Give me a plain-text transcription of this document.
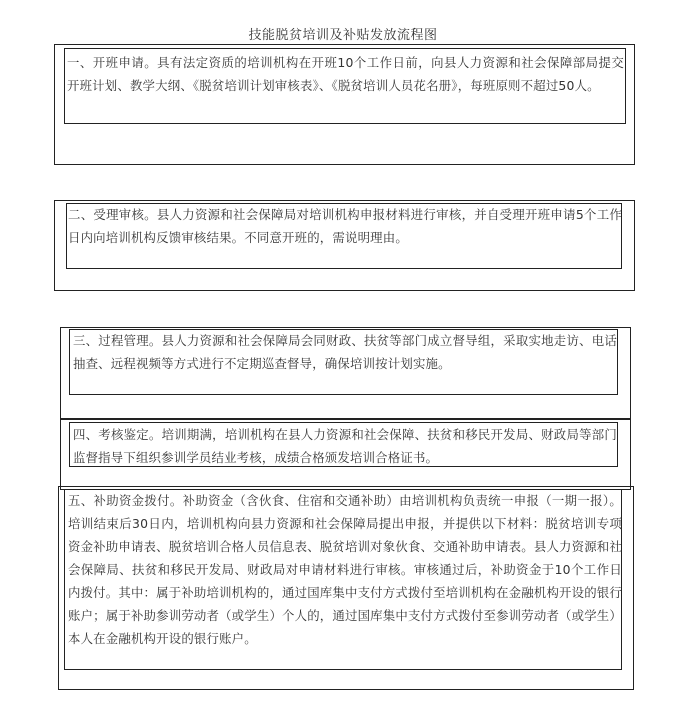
技能脱贫培训及补贴发放流程图
一、开班申请。具有法定资质的培训机构在开班10个工作日前，向县人力资源和社会保障部局提交开班计划、教学大纲、《脱贫培训计划审核表》、《脱贫培训人员花名册》，每班原则不超过50人。
二、受理审核。县人力资源和社会保障局对培训机构申报材料进行审核，并自受理开班申请5个工作日内向培训机构反馈审核结果。不同意开班的，需说明理由。
三、过程管理。县人力资源和社会保障局会同财政、扶贫等部门成立督导组，采取实地走访、电话抽查、远程视频等方式进行不定期巡查督导，确保培训按计划实施。
四、考核鉴定。培训期满，培训机构在县人力资源和社会保障、扶贫和移民开发局、财政局等部门监督指导下组织参训学员结业考核，成绩合格颁发培训合格证书。
五、补助资金拨付。补助资金（含伙食、住宿和交通补助）由培训机构负责统一申报（一期一报）。培训结束后30日内，培训机构向县力资源和社会保障局提出申报，并提供以下材料：脱贫培训专项资金补助申请表、脱贫培训合格人员信息表、脱贫培训对象伙食、交通补助申请表。县人力资源和社会保障局、扶贫和移民开发局、财政局对申请材料进行审核。审核通过后，补助资金于10个工作日内拨付。其中：属于补助培训机构的，通过国库集中支付方式拨付至培训机构在金融机构开设的银行账户；属于补助参训劳动者（或学生）个人的，通过国库集中支付方式拨付至参训劳动者（或学生）本人在金融机构开设的银行账户。
